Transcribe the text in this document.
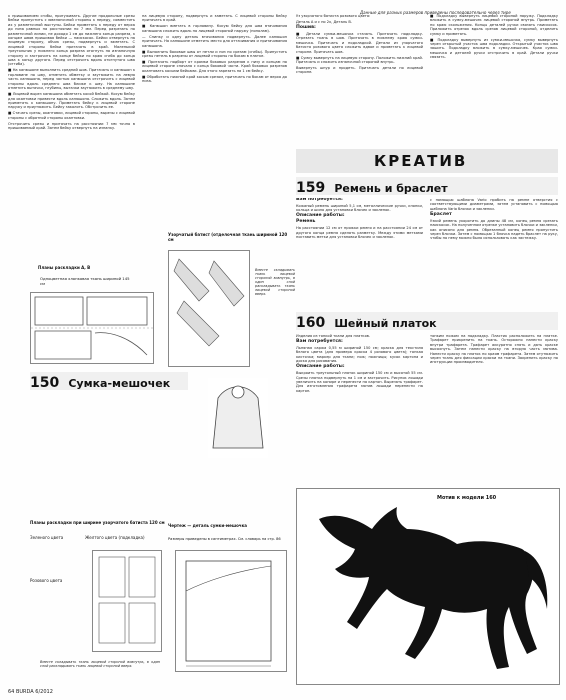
Данные для разных размеров приведены последовательно через тире

к пришиванием сгибы, пригуживать. Другие продольные срезы бейки припустить с ювеланочной стороны к переду, совместить их у разметочной выступы. Бейки приметать к переду от верха до низа равных на расстоянии по 7 мм. Перед разрезать по разметочной линии, не доходя 1 см до нижнего конца разреза, к концам швов пришивая бейки — наискосок. Бейки отвернуть на лицевую сторону, обчик срезы, подвернуть и заметать. С лицевой стороны бейки притачать в край. Маленький треугольник у нижнего конца разреза отогнуть на изнаночную сторону и застрочить на конце бейки по краю сгиба до конца шва к концу другого. Перед отстрочить вдоль отогнутого шва (отгиба).

■ На капюшоне выполнить средний шов. Притачать и капюшон к горловине по шву, отметить обметку и заутюжить на левую часть капюшона, перед частью капюшона отстрочить с лицевой стороны вдоль среднего шва ближе к шву. На капюшоне отметить вытачки, глубины, вытачки заутюжить в среднему шву.

■ Лицевой вырез капюшона обметать косой бейкой. Косую бейку для окантовки привести вдоль капюшона. Сложить вдоль. Затем приметать к капюшону. Приметать бейку к лицевой стороне наружу и приутюжить. Бейку заколоть. Обстрочить ее.

■ Стачать срезы, окантовки, лицевой стороны, вырезы с лицевой стороны с обратной стороны окантовки.

Отстрочить срезы и притачать на расстоянии 7 мм точно в пришиваемый край. Затем бейку отвернуть на изнанку.

на лицевую сторону, подвернуть и заметать. С лицевой стороны бейку притачать в край.

■ Капюшон вметать в горловину. Косую бейку для шва втачивания капюшона сложить вдоль по лицевой стороной наружу (пополам).

— Спинку и одну деталь втачивания подвернуть. Далее капюшон притачать. На капюшоне отметить место для оттачивания и притачивания капюшона.

■ Выполнить боковые швы от петли и низ по срезам (сгибы). Припустить срезы петель в разрезы от лицевой стороны по бокам в платке.

■ Притачать подборт от кромки боковых разрезов к низу и концам по лицевой стороне сначала с конца боковой части. Край боковых разрезов окантовать косыми бейками. Для этого зарезать на 1 см бейку.

■ Обработать нижний край косым срезом, притачать по бокам от верха до низа.

Уз узорчатого батиста розового цвета:

Деталь А и с по 2х, Деталь В.

Пошив:

■ Детали сумки-мешочка стачать. Притачать подкладку. Отрезать ткань в шов. Притачать в нижнему краю сумки-мешочка. Притачать и подкладкой. Детали из узорчатого батиста розового цвета сложить вдвое и приметать к лицевой стороне. Притачать шов.

■ Сумку вывернуть на лицевую сторону. Положить нижний край. Притачать и сложить изнаночной стороной внутрь.

Вывернуть шнур и продеть. Притачать детали по лицевой стороне.

■ Подкладку вывернуть лицевой стороной наружу. Подкладку вложить в сумку-мешочек лицевой стороной внутрь. Приметать по краю скольжения. Концы деталей ручки связать наискосок. Приложить отрезок вдоль срезов лицевой стороной, отделить сумку и приметать.

■ Подкладку вывернуть из сумки-мешочка, сумку вывернуть через открытый участок шва подкладки. Открытый участок шва зашить. Подкладку вложить в сумку-мешочек. Края сумки-мешочка и деталей ручки отстрочить в край. Детали ручки связать.

КРЕАТИВ
159 Ремень и браслет

Вам потребуется:

Кожаный ремень шириной 5,1 см, металлические ручки, кнопки, кольца и шило для установки блочек и заклепок.

Описание работы:

Ремень

На расстоянии 12 см от пряжки ремня и на расстоянии 24 см от другого конца ремня сделать разметку. Между этими метками поставить метки для установки блочек и заклепок.

с помощью шаблона Vario пробить на ремне отверстия с соответствующими диаметрами, затем установить с помощью шаблона Vario блочки и заклепки.

Браслет

Узкий ремень укоротить до длины 48 см, конец ремня срезать наискосок. На полученном отрезке установить блочки и заклепки, как описано для ремня. Обрезанный конец ремня пропустить через блочки. Затем с помощью 1 блочка надеть браслет на руку, чтобы по нему можно было использовать как застежку.

160 Шейный платок

Изделия из тонкой ткани для платков.

Вам потребуется:

Льняная саржа 0,55 м шириной 150 см; краска для текстиля белого цвета (для примера краска 4 розового цвета); тонкая кисточка; маркер для ткани; нож; ножницы; кусок картона и доска для рисования.

Описание работы:

Выкроить треугольный платок шириной 150 см и высотой 55 см. Срезы платка подвернуть на 1 см и застрочить. Рисунок лошади увеличить на копире и перенести на картон. Вырезать трафарет. Для изготовления трафарета мотив лошади перенести на картон.

тонким ножом на подкладку. Пластик расположить на платке. Трафарет прикрепить на ткань. Осторожно нанести краску внутри трафарета. Трафарет аккуратно снять и дать краске высохнуть. Затем нанести краску на вторую часть мотива. Нанести краску на платок по краям трафарета. Затем отутюжить через ткань для фиксации краски на ткани. Закрепить краску по инструкции производителя.

Мотив к модели 160
Планы раскладки А, В
Одноцветная хлопковая ткань шириной 145 см
Узорчатый батист (отделочная ткань шириной 120 см
Вместе складывать ткань лицевой стороной вовнутрь, в один слой раскладывать ткань лицевой стороной вверх.
150 Сумка-мешочек
Планы раскладки при ширине узорчатого батиста 120 см
Зеленого цвета	Желтого цвета (подкладка)
Розового цвета
Вместе складывать ткань лицевой стороной вовнутрь, в один слой раскладывать ткань лицевой стороной вверх.
Чертеж — деталь сумки-мешочка
Размеры приведены в сантиметрах. См. словарь на стр. 86
64 BURDA 6/2012
